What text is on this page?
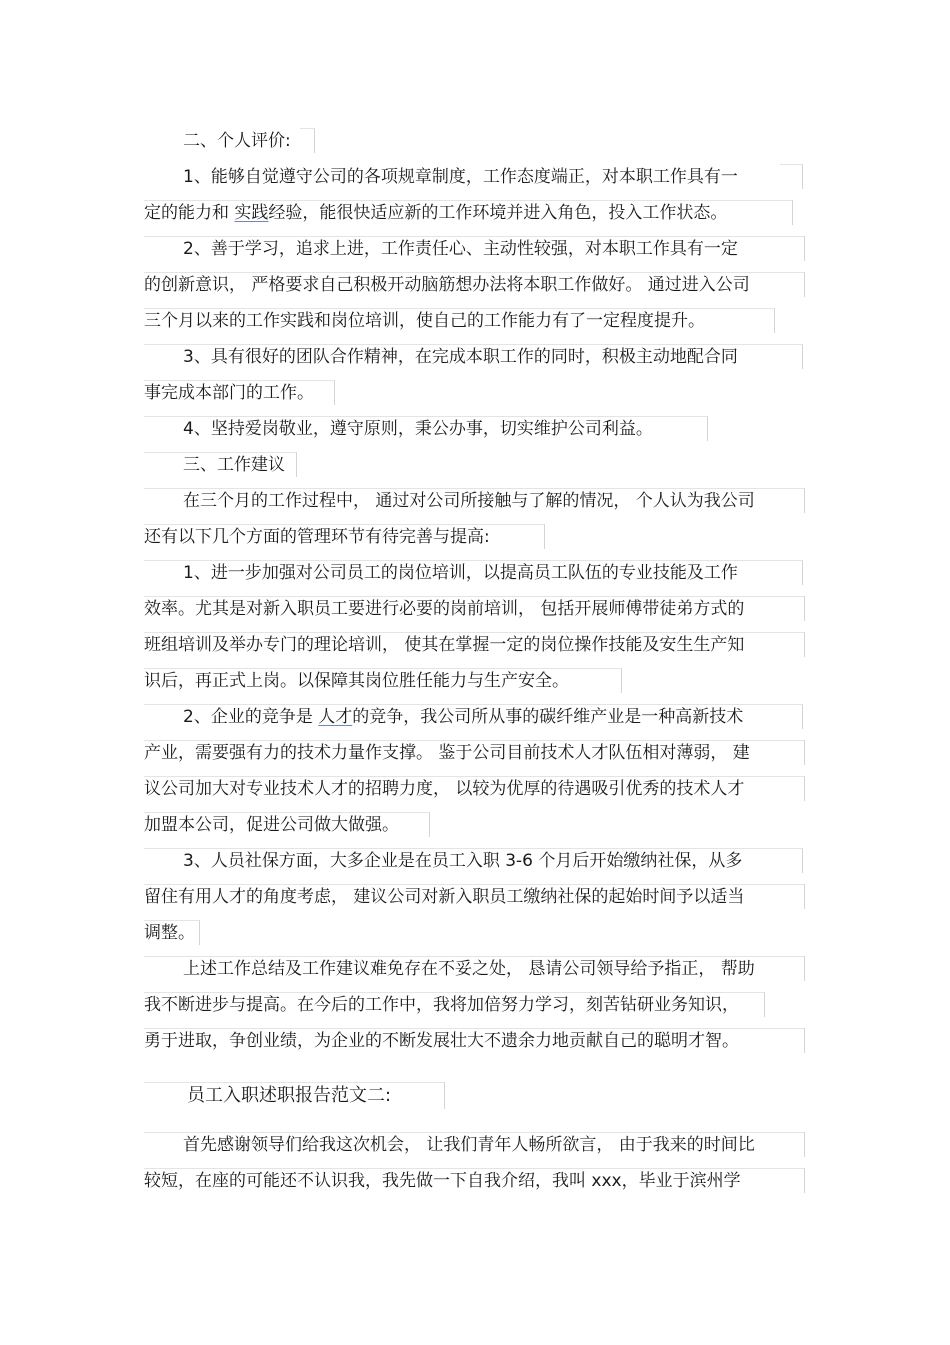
二、个人评价:
1、能够自觉遵守公司的各项规章制度，工作态度端正，对本职工作具有一
定的能力和 实践经验，能很快适应新的工作环境并进入角色，投入工作状态。
2、善于学习，追求上进，工作责任心、主动性较强，对本职工作具有一定
的创新意识， 严格要求自己积极开动脑筋想办法将本职工作做好。 通过进入公司
三个月以来的工作实践和岗位培训，使自己的工作能力有了一定程度提升。
3、具有很好的团队合作精神，在完成本职工作的同时，积极主动地配合同
事完成本部门的工作。
4、坚持爱岗敬业，遵守原则，秉公办事，切实维护公司利益。
三、工作建议
在三个月的工作过程中， 通过对公司所接触与了解的情况， 个人认为我公司
还有以下几个方面的管理环节有待完善与提高:
1、进一步加强对公司员工的岗位培训，以提高员工队伍的专业技能及工作
效率。尤其是对新入职员工要进行必要的岗前培训， 包括开展师傅带徒弟方式的
班组培训及举办专门的理论培训， 使其在掌握一定的岗位操作技能及安生生产知
识后，再正式上岗。以保障其岗位胜任能力与生产安全。
2、企业的竞争是 人才的竞争，我公司所从事的碳纤维产业是一种高新技术
产业，需要强有力的技术力量作支撑。 鉴于公司目前技术人才队伍相对薄弱， 建
议公司加大对专业技术人才的招聘力度， 以较为优厚的待遇吸引优秀的技术人才
加盟本公司，促进公司做大做强。
3、人员社保方面，大多企业是在员工入职 3-6 个月后开始缴纳社保，从多
留住有用人才的角度考虑， 建议公司对新入职员工缴纳社保的起始时间予以适当
调整。
上述工作总结及工作建议难免存在不妥之处， 恳请公司领导给予指正， 帮助
我不断进步与提高。在今后的工作中，我将加倍努力学习，刻苦钻研业务知识，
勇于进取，争创业绩，为企业的不断发展壮大不遗余力地贡献自己的聪明才智。
员工入职述职报告范文二:
首先感谢领导们给我这次机会， 让我们青年人畅所欲言， 由于我来的时间比
较短，在座的可能还不认识我，我先做一下自我介绍，我叫 xxx，毕业于滨州学
